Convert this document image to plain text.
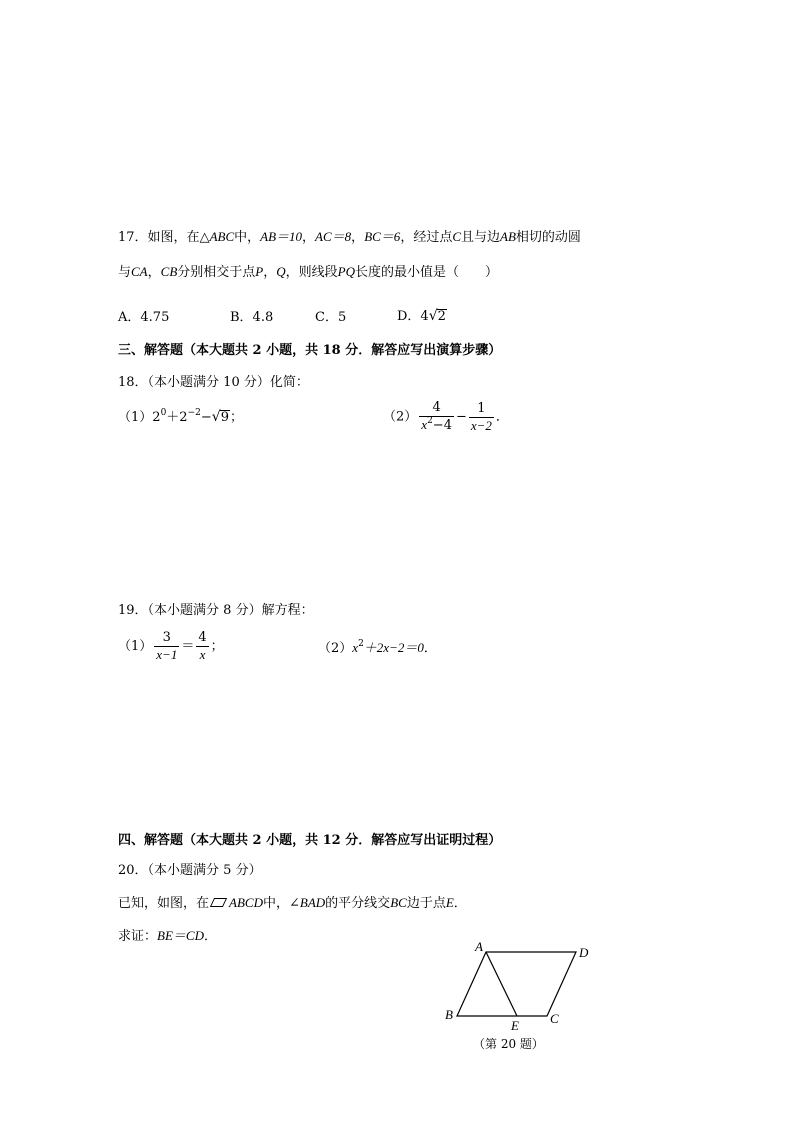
17．如图，在△ABC中，AB＝10，AC＝8，BC＝6，经过点C且与边AB相切的动圆
与CA，CB分别相交于点P，Q，则线段PQ长度的最小值是（　　）
A．4.75	B．4.8	C．5	D．4√2
三、解答题（本大题共 2 小题，共 18 分．解答应写出演算步骤）
18．（本小题满分 10 分）化简：
$(1)2^0+2^{-2}-√9$；	$(2) \frac{4}{x^2-4} - \frac{1}{x-2}$ ．
19．（本小题满分 8 分）解方程：
$(1) \frac{3}{x-1} = \frac{4}{x}$ ；	$(2)x^2+2x-2=0$．
四、解答题（本大题共 2 小题，共 12 分．解答应写出证明过程）
20．（本小题满分 5 分）
已知，如图，在 ABCD中，∠BAD的平分线交BC边于点E．
求证：BE＝CD．
A	D
B
E C
（第 20 题）
